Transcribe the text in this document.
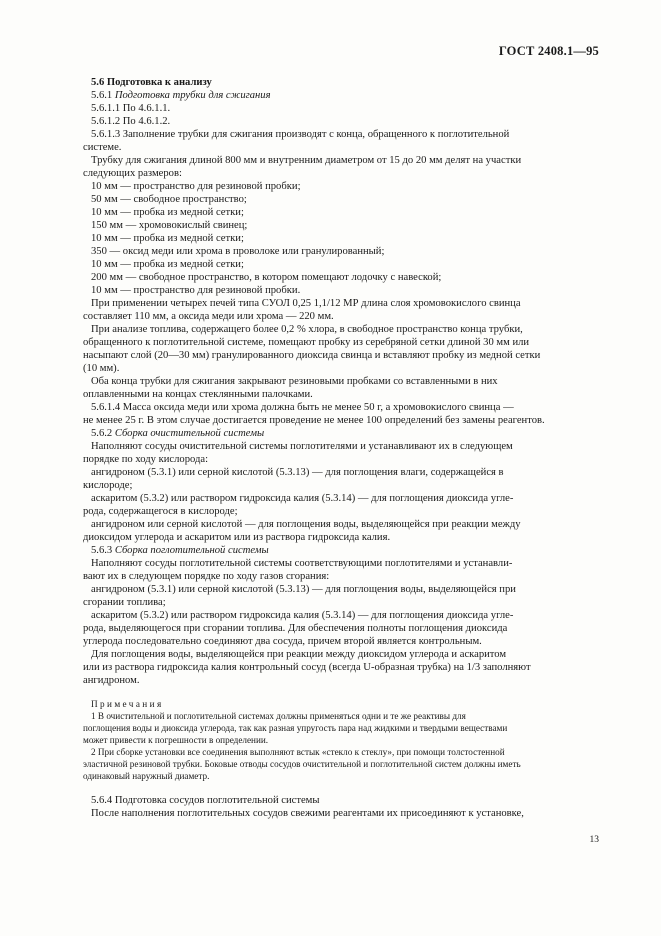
ГОСТ 2408.1—95
5.6 Подготовка к анализу
5.6.1 Подготовка трубки для сжигания
5.6.1.1 По 4.6.1.1.
5.6.1.2 По 4.6.1.2.
5.6.1.3 Заполнение трубки для сжигания производят с конца, обращенного к поглотительной
системе.
Трубку для сжигания длиной 800 мм и внутренним диаметром от 15 до 20 мм делят на участки
следующих размеров:
10 мм — пространство для резиновой пробки;
50 мм — свободное пространство;
10 мм — пробка из медной сетки;
150 мм — хромовокислый свинец;
10 мм — пробка из медной сетки;
350 — оксид меди или хрома в проволоке или гранулированный;
10 мм — пробка из медной сетки;
200 мм — свободное пространство, в котором помещают лодочку с навеской;
10 мм — пространство для резиновой пробки.
При применении четырех печей типа СУОЛ 0,25 1,1/12 МР длина слоя хромовокислого свинца
составляет 110 мм, а оксида меди или хрома — 220 мм.
При анализе топлива, содержащего более 0,2 % хлора, в свободное пространство конца трубки,
обращенного к поглотительной системе, помещают пробку из серебряной сетки длиной 30 мм или
насыпают слой (20—30 мм) гранулированного диоксида свинца и вставляют пробку из медной сетки
(10 мм).
Оба конца трубки для сжигания закрывают резиновыми пробками со вставленными в них
оплавленными на концах стеклянными палочками.
5.6.1.4 Масса оксида меди или хрома должна быть не менее 50 г, а хромовокислого свинца —
не менее 25 г. В этом случае достигается проведение не менее 100 определений без замены реагентов.
5.6.2 Сборка очистительной системы
Наполняют сосуды очистительной системы поглотителями и устанавливают их в следующем
порядке по ходу кислорода:
ангидроном (5.3.1) или серной кислотой (5.3.13) — для поглощения влаги, содержащейся в
кислороде;
аскаритом (5.3.2) или раствором гидроксида калия (5.3.14) — для поглощения диоксида угле-
рода, содержащегося в кислороде;
ангидроном или серной кислотой — для поглощения воды, выделяющейся при реакции между
диоксидом углерода и аскаритом или из раствора гидроксида калия.
5.6.3 Сборка поглотительной системы
Наполняют сосуды поглотительной системы соответствующими поглотителями и устанавли-
вают их в следующем порядке по ходу газов сгорания:
ангидроном (5.3.1) или серной кислотой (5.3.13) — для поглощения воды, выделяющейся при
сгорании топлива;
аскаритом (5.3.2) или раствором гидроксида калия (5.3.14) — для поглощения диоксида угле-
рода, выделяющегося при сгорании топлива. Для обеспечения полноты поглощения диоксида
углерода последовательно соединяют два сосуда, причем второй является контрольным.
Для поглощения воды, выделяющейся при реакции между диоксидом углерода и аскаритом
или из раствора гидроксида калия контрольный сосуд (всегда U-образная трубка) на 1/3 заполняют
ангидроном.
Примечания
1 В очистительной и поглотительной системах должны применяться одни и те же реактивы для
поглощения воды и диоксида углерода, так как разная упругость пара над жидкими и твердыми веществами
может привести к погрешности в определении.
2 При сборке установки все соединения выполняют встык «стекло к стеклу», при помощи толстостенной
эластичной резиновой трубки. Боковые отводы сосудов очистительной и поглотительной систем должны иметь
одинаковый наружный диаметр.
5.6.4 Подготовка сосудов поглотительной системы
После наполнения поглотительных сосудов свежими реагентами их присоединяют к установке,
13
